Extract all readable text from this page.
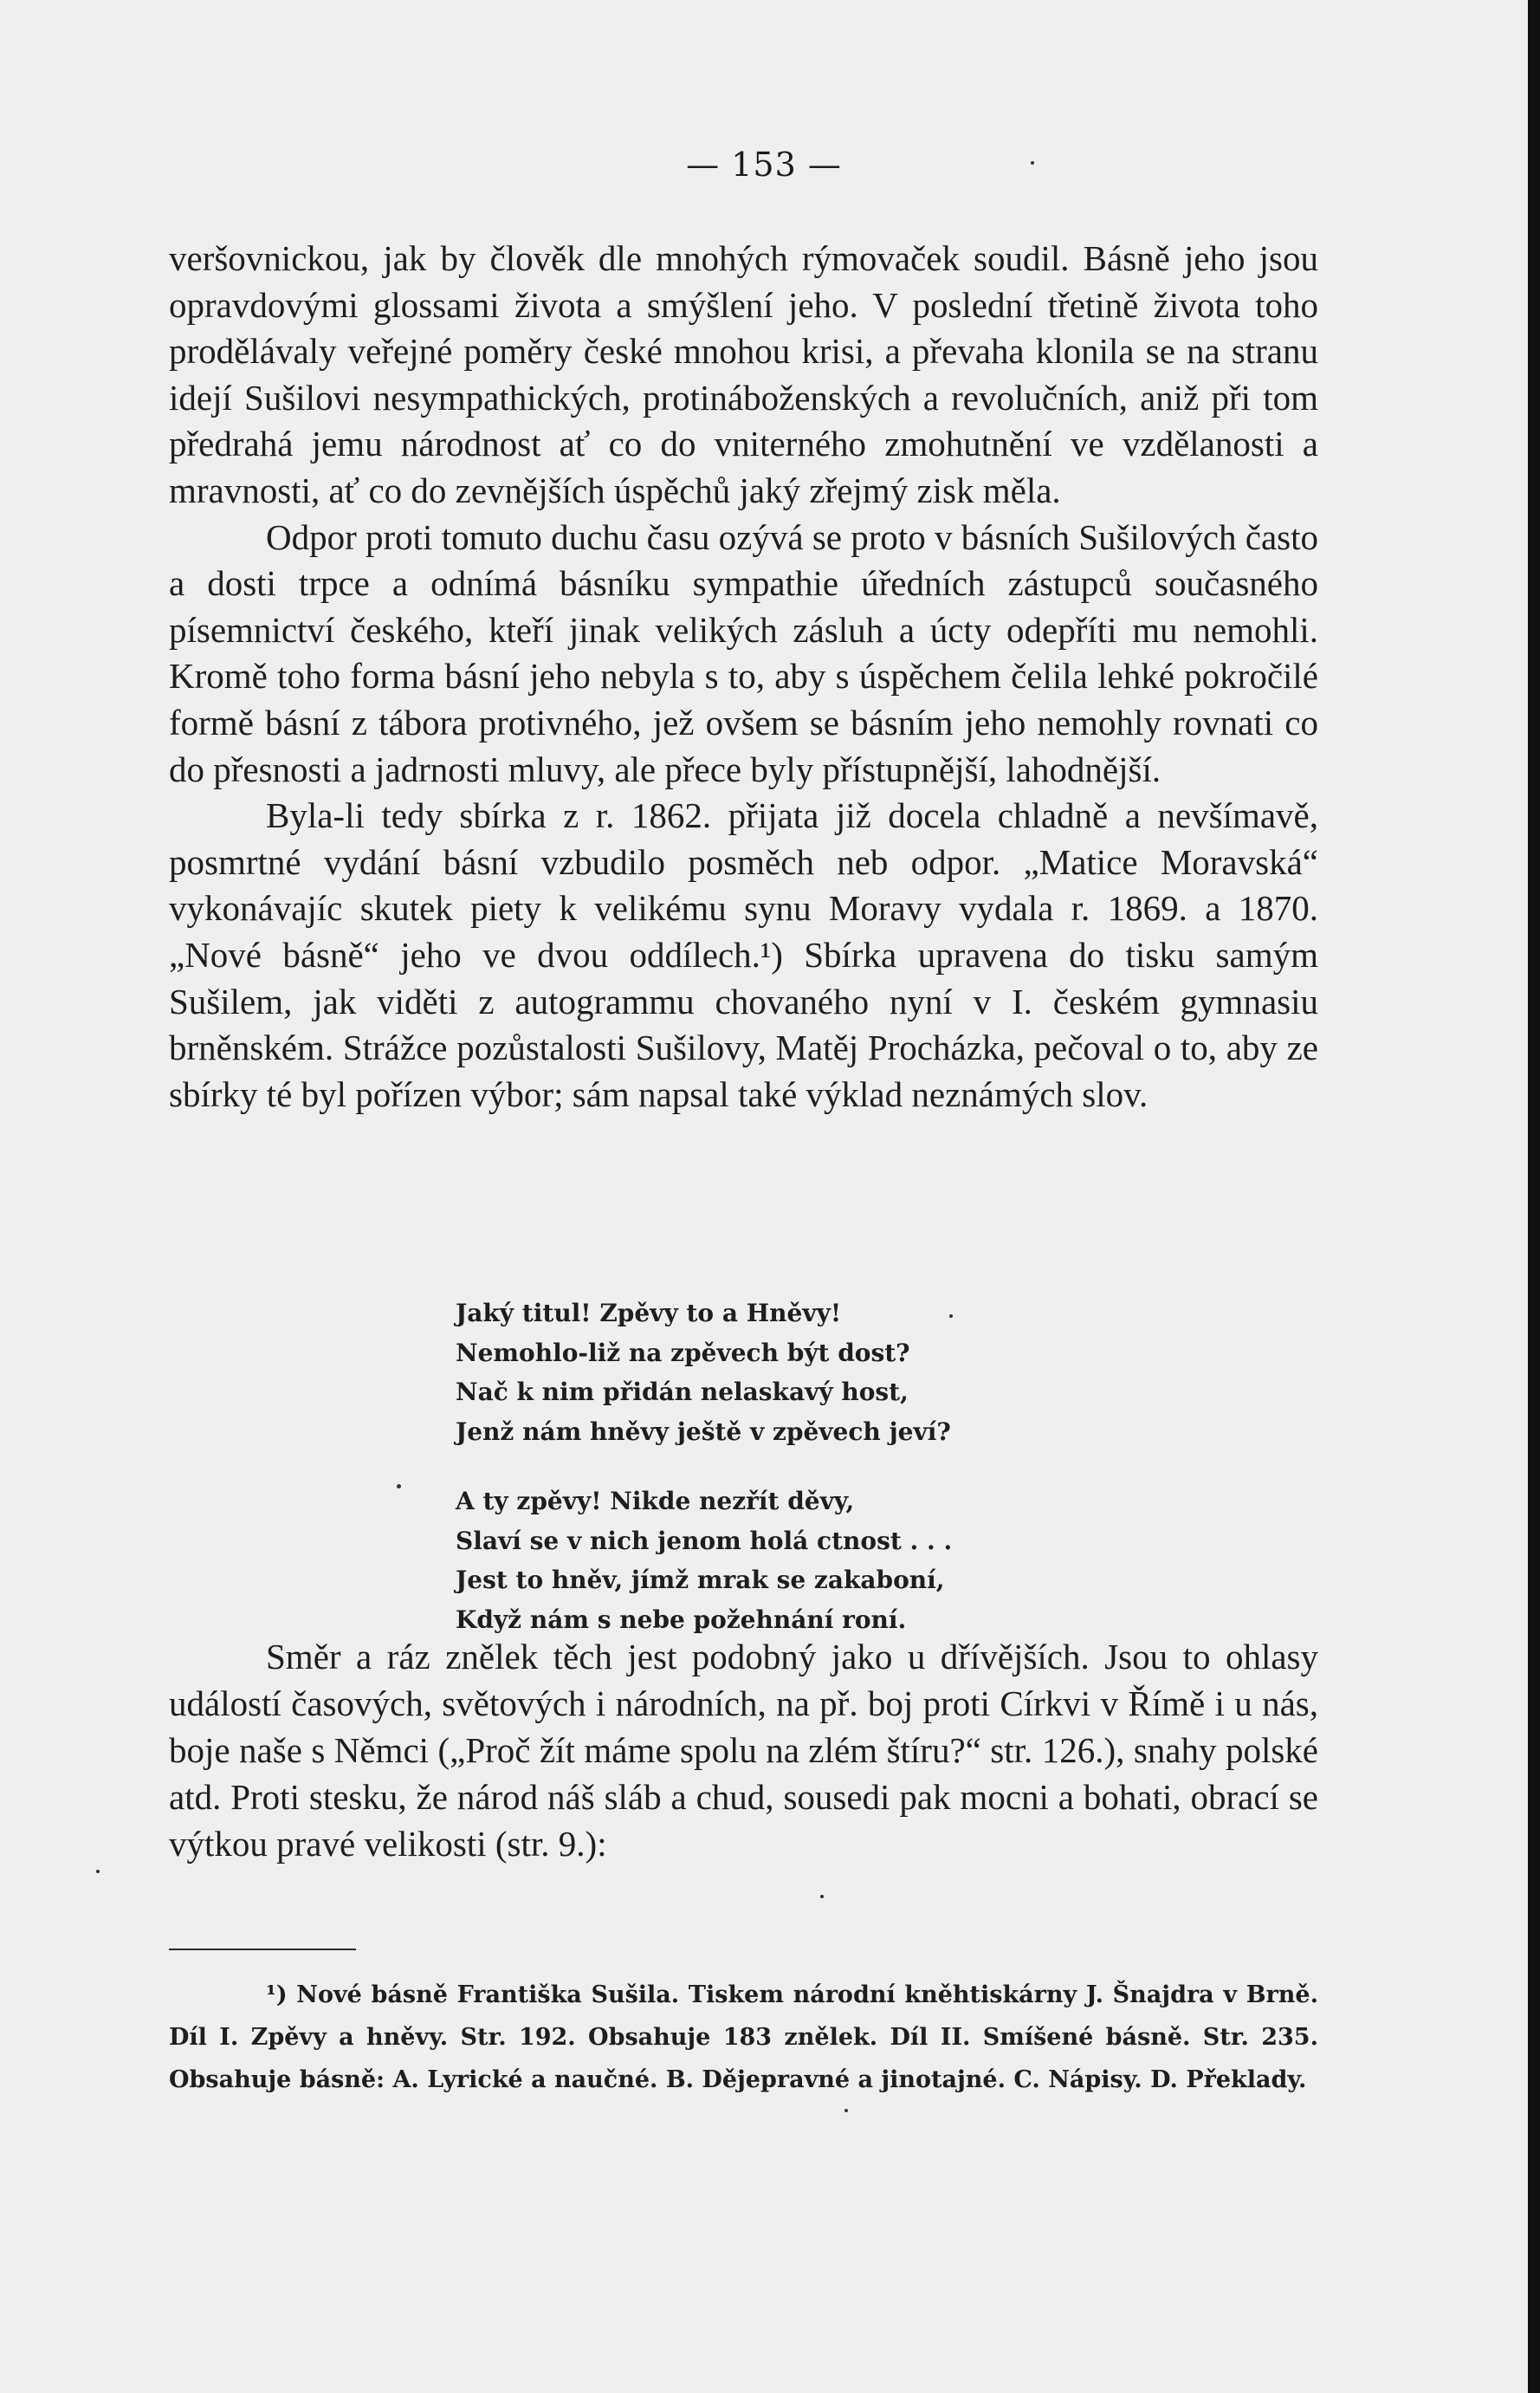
— 153 —

veršovnickou, jak by člověk dle mnohých rýmovaček soudil. Básně jeho jsou opravdovými glossami života a smýšlení jeho. V poslední třetině života toho prodělávaly veřejné poměry české mnohou krisi, a převaha klonila se na stranu idejí Sušilovi nesympathických, protináboženských a revolučních, aniž při tom předrahá jemu národnost ať co do vniterného zmohutnění ve vzdělanosti a mravnosti, ať co do zevnějších úspěchů jaký zřejmý zisk měla.

Odpor proti tomuto duchu času ozývá se proto v básních Sušilových často a dosti trpce a odnímá básníku sympathie úředních zástupců současného písemnictví českého, kteří jinak velikých zásluh a úcty odepříti mu nemohli. Kromě toho forma básní jeho nebyla s to, aby s úspěchem čelila lehké pokročilé formě básní z tábora protivného, jež ovšem se básním jeho nemohly rovnati co do přesnosti a jadrnosti mluvy, ale přece byly přístupnější, lahodnější.

Byla-li tedy sbírka z r. 1862. přijata již docela chladně a nevšímavě, posmrtné vydání básní vzbudilo posměch neb odpor. „Matice Moravská“ vykonávajíc skutek piety k velikému synu Moravy vydala r. 1869. a 1870. „Nové básně“ jeho ve dvou oddílech.¹) Sbírka upravena do tisku samým Sušilem, jak viděti z autogrammu chovaného nyní v I. českém gymnasiu brněnském. Strážce pozůstalosti Sušilovy, Matěj Procházka, pečoval o to, aby ze sbírky té byl pořízen výbor; sám napsal také výklad neznámých slov.

Jaký titul! Zpěvy to a Hněvy!
Nemohlo-liž na zpěvech být dost?
Nač k nim přidán nelaskavý host,
Jenž nám hněvy ještě v zpěvech jeví?
A ty zpěvy! Nikde nezřít děvy,
Slaví se v nich jenom holá ctnost . . .
Jest to hněv, jímž mrak se zakaboní,
Když nám s nebe požehnání roní.

Směr a ráz znělek těch jest podobný jako u dřívějších. Jsou to ohlasy událostí časových, světových i národních, na př. boj proti Církvi v Římě i u nás, boje naše s Němci („Proč žít máme spolu na zlém štíru?“ str. 126.), snahy polské atd. Proti stesku, že národ náš sláb a chud, sousedi pak mocni a bohati, obrací se výtkou pravé velikosti (str. 9.):

¹) Nové básně Františka Sušila. Tiskem národní kněhtiskárny J. Šnajdra v Brně. Díl I. Zpěvy a hněvy. Str. 192. Obsahuje 183 znělek. Díl II. Smíšené básně. Str. 235. Obsahuje básně: A. Lyrické a naučné. B. Dějepravné a jinotajné. C. Nápisy. D. Překlady.
